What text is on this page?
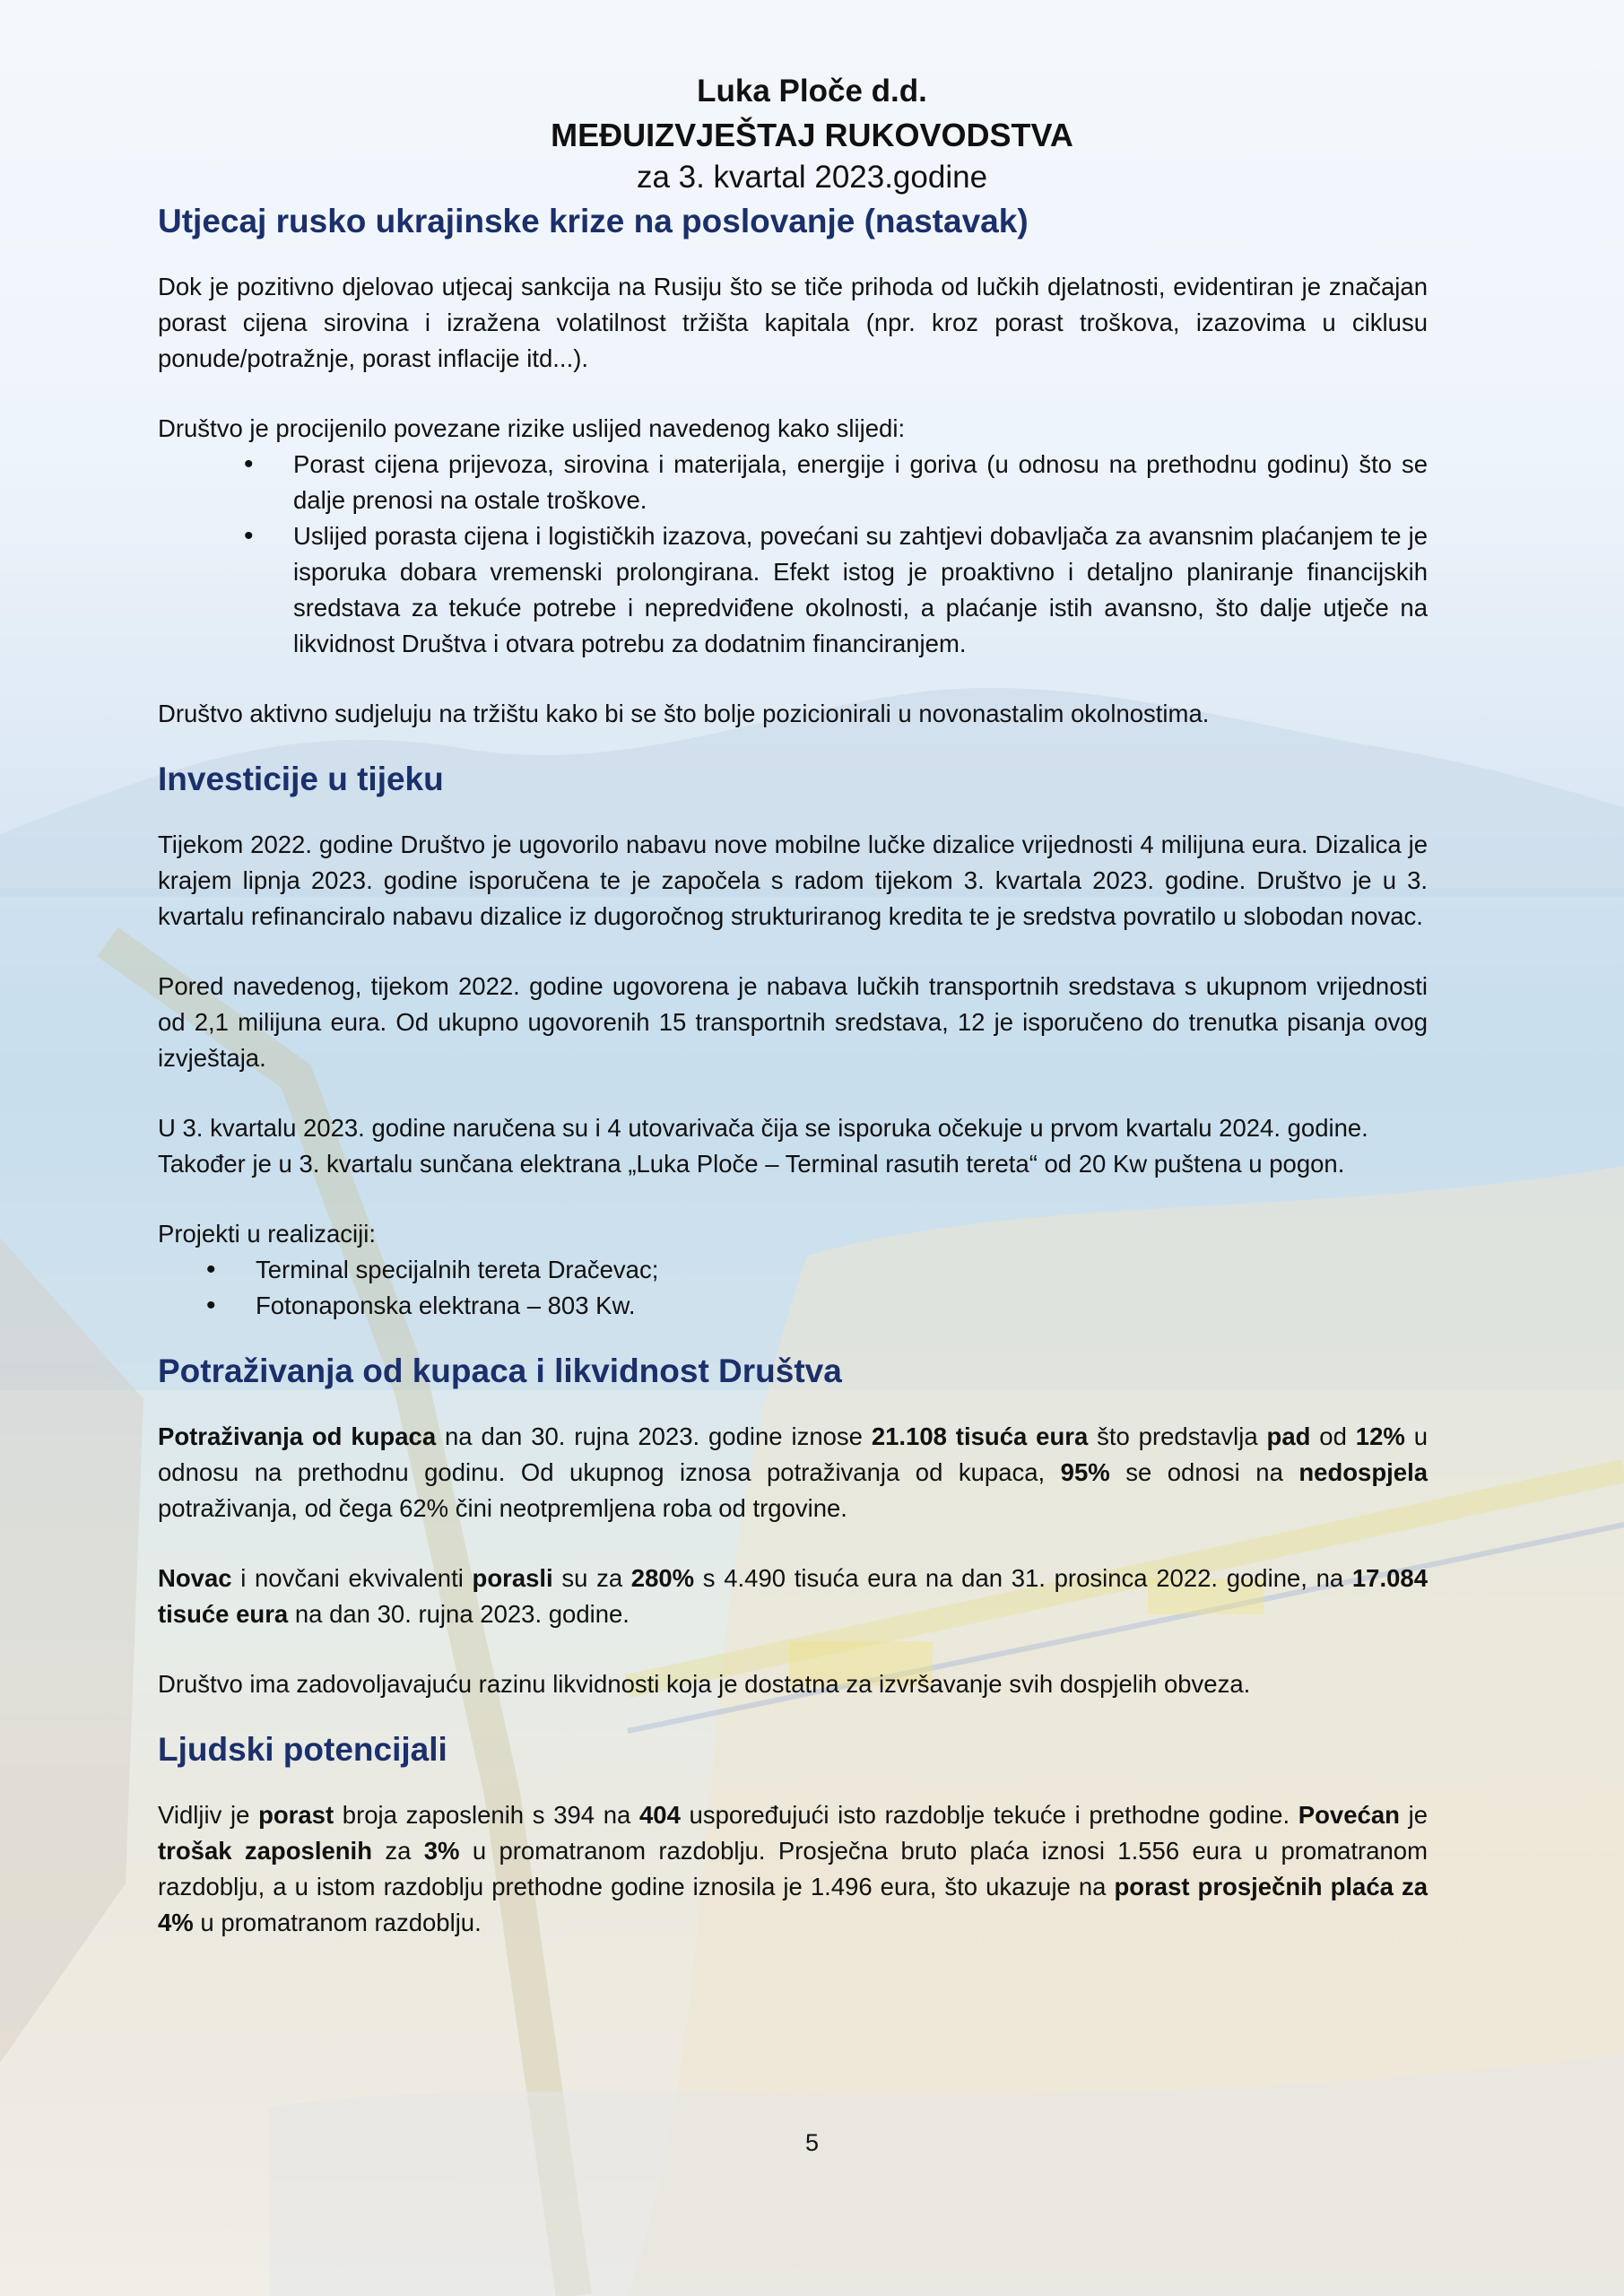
Luka Ploče d.d.
MEĐUIZVJEŠTAJ RUKOVODSTVA
za 3. kvartal 2023.godine
Utjecaj rusko ukrajinske krize na poslovanje (nastavak)

Dok je pozitivno djelovao utjecaj sankcija na Rusiju što se tiče prihoda od lučkih djelatnosti, evidentiran je značajan porast cijena sirovina i izražena volatilnost tržišta kapitala (npr. kroz porast troškova, izazovima u ciklusu ponude/potražnje, porast inflacije itd...).

Društvo je procijenilo povezane rizike uslijed navedenog kako slijedi:

• Porast cijena prijevoza, sirovina i materijala, energije i goriva (u odnosu na prethodnu godinu) što se dalje prenosi na ostale troškove.
• Uslijed porasta cijena i logističkih izazova, povećani su zahtjevi dobavljača za avansnim plaćanjem te je isporuka dobara vremenski prolongirana. Efekt istog je proaktivno i detaljno planiranje financijskih sredstava za tekuće potrebe i nepredviđene okolnosti, a plaćanje istih avansno, što dalje utječe na likvidnost Društva i otvara potrebu za dodatnim financiranjem.

Društvo aktivno sudjeluju na tržištu kako bi se što bolje pozicionirali u novonastalim okolnostima.

Investicije u tijeku

Tijekom 2022. godine Društvo je ugovorilo nabavu nove mobilne lučke dizalice vrijednosti 4 milijuna eura. Dizalica je krajem lipnja 2023. godine isporučena te je započela s radom tijekom 3. kvartala 2023. godine. Društvo je u 3. kvartalu refinanciralo nabavu dizalice iz dugoročnog strukturiranog kredita te je sredstva povratilo u slobodan novac.

Pored navedenog, tijekom 2022. godine ugovorena je nabava lučkih transportnih sredstava s ukupnom vrijednosti od 2,1 milijuna eura. Od ukupno ugovorenih 15 transportnih sredstava, 12 je isporučeno do trenutka pisanja ovog izvještaja.

U 3. kvartalu 2023. godine naručena su i 4 utovarivača čija se isporuka očekuje u prvom kvartalu 2024. godine.
Također je u 3. kvartalu sunčana elektrana „Luka Ploče – Terminal rasutih tereta“ od 20 Kw puštena u pogon.

Projekti u realizaciji:

• Terminal specijalnih tereta Dračevac;
• Fotonaponska elektrana – 803 Kw.
Potraživanja od kupaca i likvidnost Društva

Potraživanja od kupaca na dan 30. rujna 2023. godine iznose 21.108 tisuća eura što predstavlja pad od 12% u odnosu na prethodnu godinu. Od ukupnog iznosa potraživanja od kupaca, 95% se odnosi na nedospjela potraživanja, od čega 62% čini neotpremljena roba od trgovine.

Novac i novčani ekvivalenti porasli su za 280% s 4.490 tisuća eura na dan 31. prosinca 2022. godine, na 17.084 tisuće eura na dan 30. rujna 2023. godine.

Društvo ima zadovoljavajuću razinu likvidnosti koja je dostatna za izvršavanje svih dospjelih obveza.

Ljudski potencijali

Vidljiv je porast broja zaposlenih s 394 na 404 uspoređujući isto razdoblje tekuće i prethodne godine. Povećan je trošak zaposlenih za 3% u promatranom razdoblju. Prosječna bruto plaća iznosi 1.556 eura u promatranom razdoblju, a u istom razdoblju prethodne godine iznosila je 1.496 eura, što ukazuje na porast prosječnih plaća za 4% u promatranom razdoblju.

5
